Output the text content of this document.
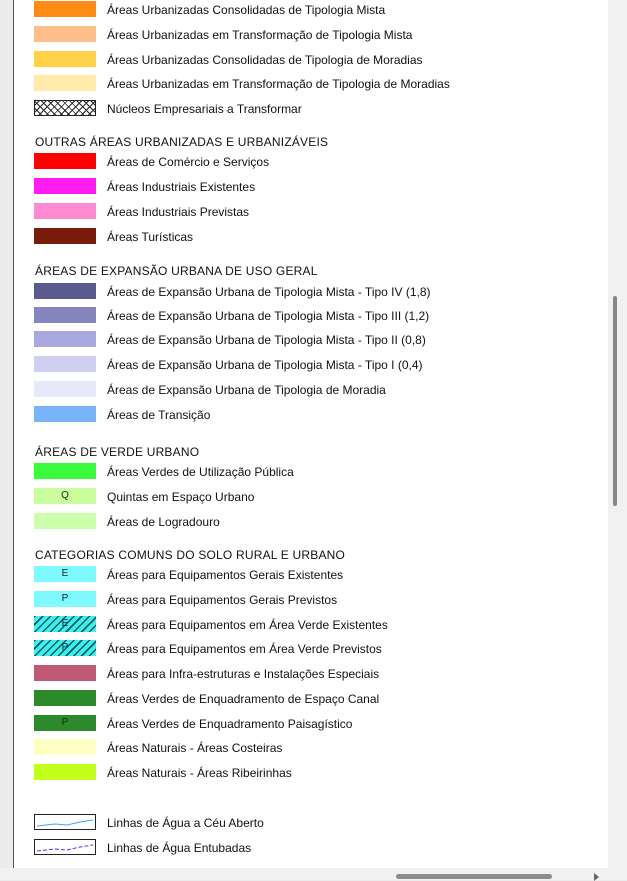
Áreas Urbanizadas Consolidadas de Tipologia Mista
Áreas Urbanizadas em Transformação de Tipologia Mista
Áreas Urbanizadas Consolidadas de Tipologia de Moradias
Áreas Urbanizadas em Transformação de Tipologia de Moradias
Núcleos Empresariais a Transformar
OUTRAS ÁREAS URBANIZADAS E URBANIZÁVEIS
Áreas de Comércio e Serviços
Áreas Industriais Existentes
Áreas Industriais Previstas
Áreas Turísticas
ÁREAS DE EXPANSÃO URBANA DE USO GERAL
Áreas de Expansão Urbana de Tipologia Mista - Tipo IV (1,8)
Áreas de Expansão Urbana de Tipologia Mista - Tipo III (1,2)
Áreas de Expansão Urbana de Tipologia Mista - Tipo II (0,8)
Áreas de Expansão Urbana de Tipologia Mista - Tipo I (0,4)
Áreas de Expansão Urbana de Tipologia de Moradia
Áreas de Transição
ÁREAS DE VERDE URBANO
Áreas Verdes de Utilização Pública
Q	Quintas em Espaço Urbano
Áreas de Logradouro
CATEGORIAS COMUNS DO SOLO RURAL E URBANO
E	Áreas para Equipamentos Gerais Existentes
P	Áreas para Equipamentos Gerais Previstos
E	Áreas para Equipamentos em Área Verde Existentes
P	Áreas para Equipamentos em Área Verde Previstos
Áreas para Infra-estruturas e Instalações Especiais
Áreas Verdes de Enquadramento de Espaço Canal
P	Áreas Verdes de Enquadramento Paisagístico
Áreas Naturais - Áreas Costeiras
Áreas Naturais - Áreas Ribeirinhas
Linhas de Água a Céu Aberto
Linhas de Água Entubadas
